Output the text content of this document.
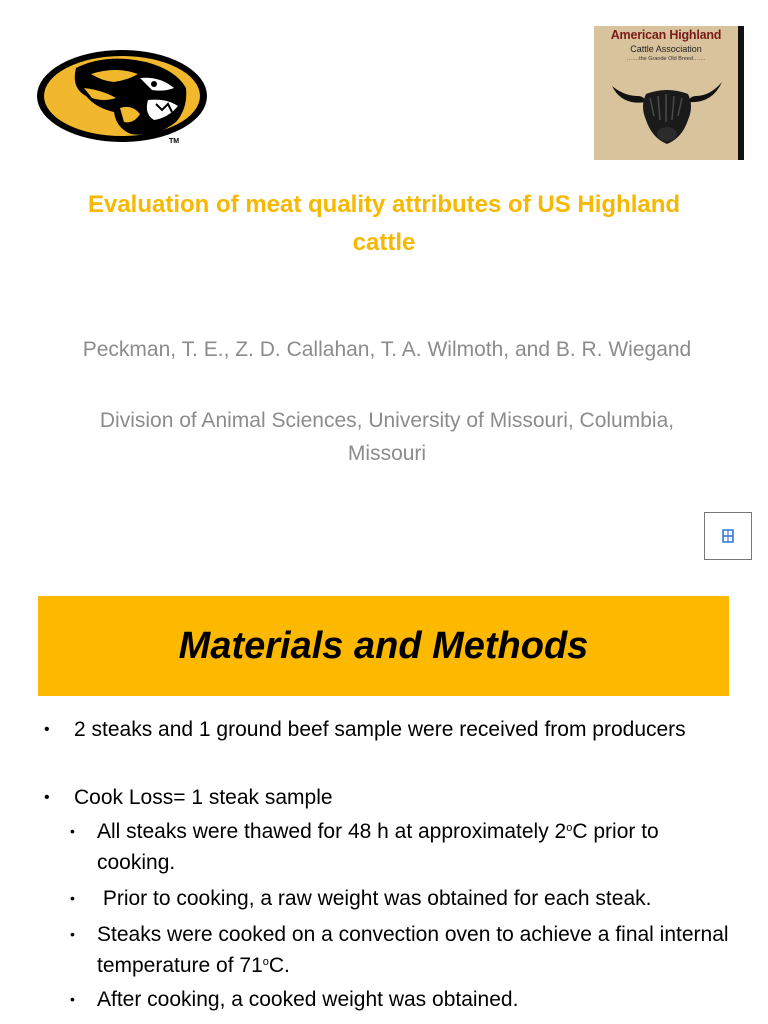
TM
American Highland
Cattle Association
…….the Grande Old Breed…….
Evaluation of meat quality attributes of US Highland cattle
Peckman, T. E., Z. D. Callahan, T. A. Wilmoth, and B. R. Wiegand
Division of Animal Sciences, University of Missouri, Columbia, Missouri
Materials and Methods
• 2 steaks and 1 ground beef sample were received from producers
• Cook Loss= 1 steak sample
• All steaks were thawed for 48 h at approximately 2$^o$C prior to cooking.
• Prior to cooking, a raw weight was obtained for each steak.
• Steaks were cooked on a convection oven to achieve a final internal temperature of 71$^o$C.
• After cooking, a cooked weight was obtained.
